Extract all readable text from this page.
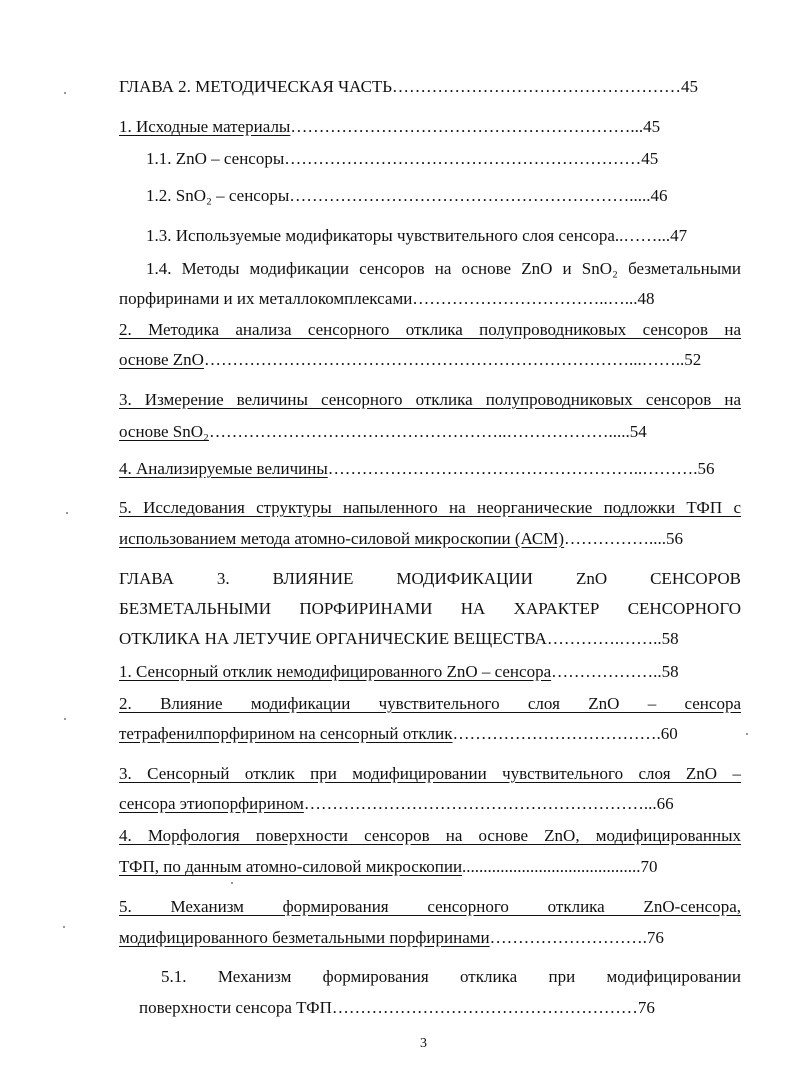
ГЛАВА 2. МЕТОДИЧЕСКАЯ ЧАСТЬ……………………………………………45
1. Исходные материалы……………………………………………………...45
1.1. ZnO – сенсоры………………………………………………………45
1.2. SnO₂ – сенсоры…………………………………………………….....46
1.3. Используемые модификаторы чувствительного слоя сенсора..……...47
1.4. Методы модификации сенсоров на основе ZnO и SnO₂ безметальными
порфиринами и их металлокомплексами……………………………..…...48
2. Методика анализа сенсорного отклика полупроводниковых сенсоров на
основе ZnO…………………………………………………………………...……..52
3. Измерение величины сенсорного отклика полупроводниковых сенсоров на
основе SnO₂……………………………………………..……………….....54
4. Анализируемые величины………………………………………………..……….56
5. Исследования структуры напыленного на неорганические подложки ТФП с
использованием метода атомно-силовой микроскопии (АСМ)……………....56
ГЛАВА 3. ВЛИЯНИЕ МОДИФИКАЦИИ ZnO СЕНСОРОВ
БЕЗМЕТАЛЬНЫМИ ПОРФИРИНАМИ НА ХАРАКТЕР СЕНСОРНОГО
ОТКЛИКА НА ЛЕТУЧИЕ ОРГАНИЧЕСКИЕ ВЕЩЕСТВА………….……..58
1. Сенсорный отклик немодифицированного ZnO – сенсора………………..58
2. Влияние модификации чувствительного слоя ZnO – сенсора
тетрафенилпорфирином на сенсорный отклик……………………………….60
3. Сенсорный отклик при модифицировании чувствительного слоя ZnO –
сенсора этиопорфирином……………………………………………………...66
4. Морфология поверхности сенсоров на основе ZnO, модифицированных
ТФП, по данным атомно-силовой микроскопии..........................................70
5. Механизм формирования сенсорного отклика ZnO-сенсора,
модифицированного безметальными порфиринами……………………….76
5.1. Механизм формирования отклика при модифицировании
поверхности сенсора ТФП………………………………………………76
3
